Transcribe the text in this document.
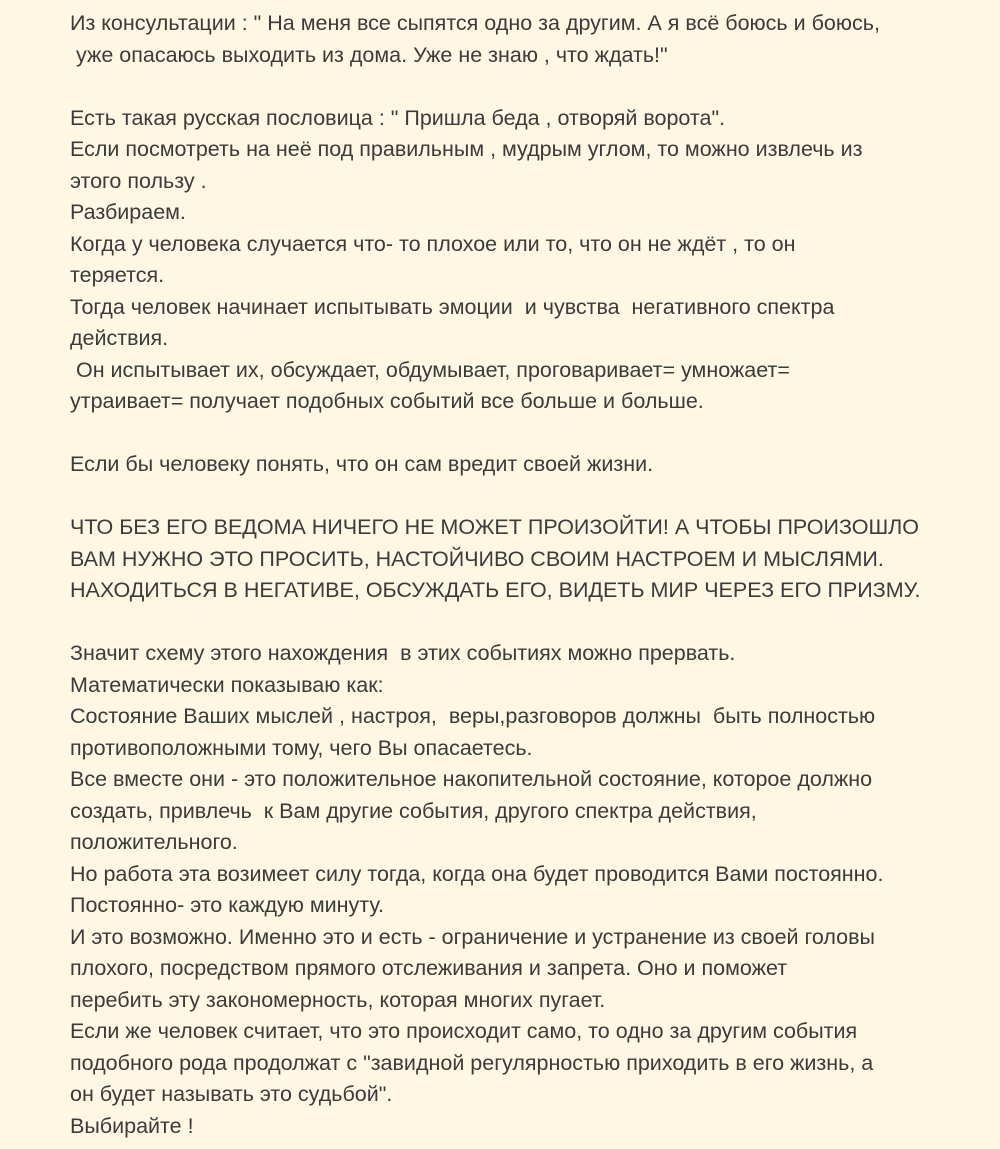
Из консультации : " На меня все сыпятся одно за другим. А я всё боюсь и боюсь,
уже опасаюсь выходить из дома. Уже не знаю , что ждать!"
Есть такая русская пословица : " Пришла беда , отворяй ворота".
Если посмотреть на неё под правильным , мудрым углом, то можно извлечь из
этого пользу .
Разбираем.
Когда у человека случается что- то плохое или то, что он не ждёт , то он
теряется.
Тогда человек начинает испытывать эмоции  и чувства  негативного спектра
действия.
Он испытывает их, обсуждает, обдумывает, проговаривает= умножает=
утраивает= получает подобных событий все больше и больше.
Если бы человеку понять, что он сам вредит своей жизни.
ЧТО БЕЗ ЕГО ВЕДОМА НИЧЕГО НЕ МОЖЕТ ПРОИЗОЙТИ! А ЧТОБЫ ПРОИЗОШЛО
ВАМ НУЖНО ЭТО ПРОСИТЬ, НАСТОЙЧИВО СВОИМ НАСТРОЕМ И МЫСЛЯМИ.
НАХОДИТЬСЯ В НЕГАТИВЕ, ОБСУЖДАТЬ ЕГО, ВИДЕТЬ МИР ЧЕРЕЗ ЕГО ПРИЗМУ.
Значит схему этого нахождения  в этих событиях можно прервать.
Математически показываю как:
Состояние Ваших мыслей , настроя,  веры,разговоров должны  быть полностью
противоположными тому, чего Вы опасаетесь.
Все вместе они - это положительное накопительной состояние, которое должно
создать, привлечь  к Вам другие события, другого спектра действия,
положительного.
Но работа эта возимеет силу тогда, когда она будет проводится Вами постоянно.
Постоянно- это каждую минуту.
И это возможно. Именно это и есть - ограничение и устранение из своей головы
плохого, посредством прямого отслеживания и запрета. Оно и поможет
перебить эту закономерность, которая многих пугает.
Если же человек считает, что это происходит само, то одно за другим события
подобного рода продолжат с "завидной регулярностью приходить в его жизнь, а
он будет называть это судьбой".
Выбирайте !
